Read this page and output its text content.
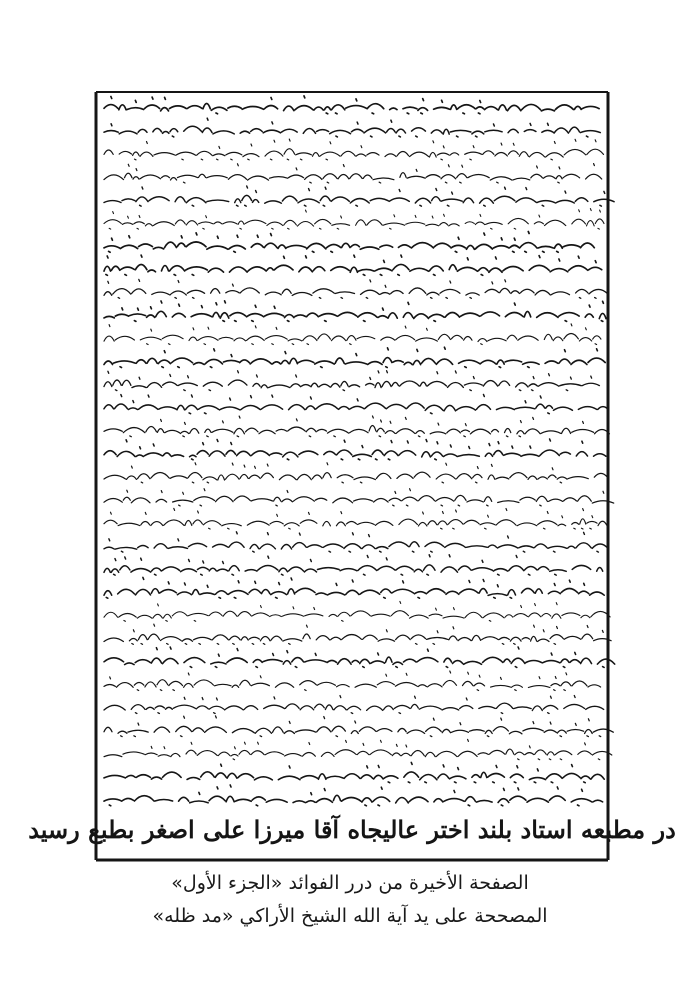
در مطبعه استاد بلند اختر عالیجاه آقا میرزا علی اصغر بطبع رسید

الصفحة الأخيرة من درر الفوائد «الجزء الأول»

المصححة على يد آية الله الشيخ الأراكي «مد ظله»
